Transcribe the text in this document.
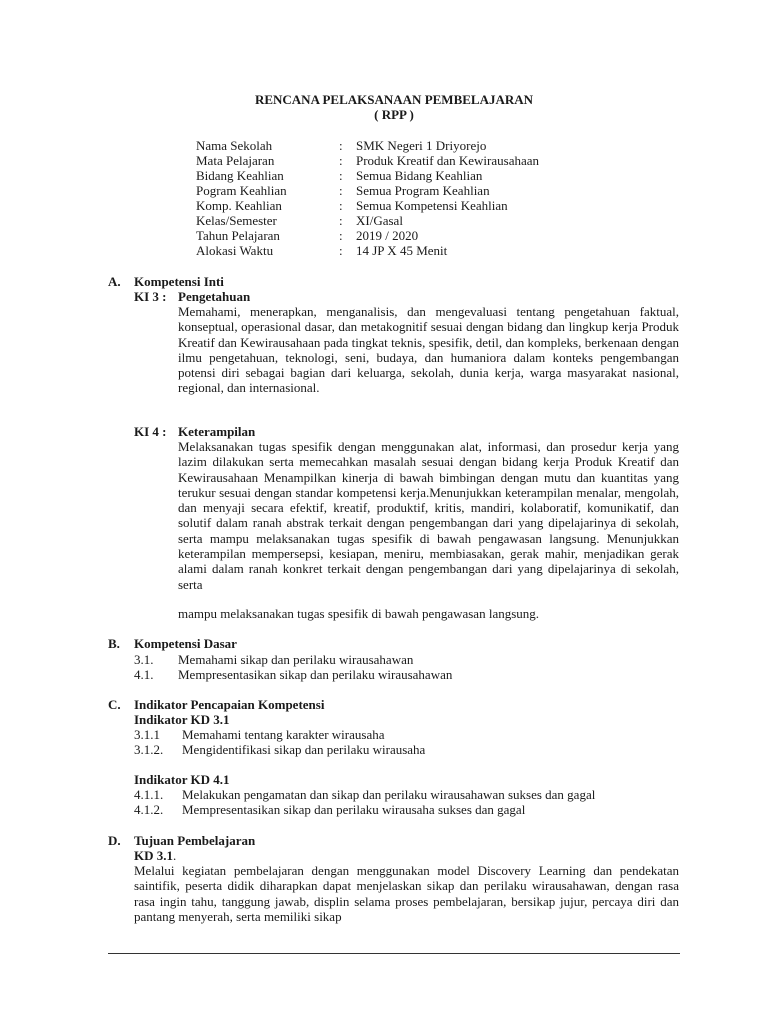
RENCANA PELAKSANAAN PEMBELAJARAN
( RPP )
Nama Sekolah	: SMK Negeri 1 Driyorejo
Mata Pelajaran	: Produk Kreatif dan Kewirausahaan
Bidang Keahlian	: Semua Bidang Keahlian
Pogram Keahlian	: Semua Program Keahlian
Komp. Keahlian	: Semua Kompetensi Keahlian
Kelas/Semester	: XI/Gasal
Tahun Pelajaran	: 2019 / 2020
Alokasi Waktu	: 14 JP X 45 Menit
A. Kompetensi Inti
KI 3 : Pengetahuan
Memahami, menerapkan, menganalisis, dan mengevaluasi tentang pengetahuan faktual, konseptual, operasional dasar, dan metakognitif sesuai dengan bidang dan lingkup kerja Produk Kreatif dan Kewirausahaan pada tingkat teknis, spesifik, detil, dan kompleks, berkenaan dengan ilmu pengetahuan, teknologi, seni, budaya, dan humaniora dalam konteks pengembangan potensi diri sebagai bagian dari keluarga, sekolah, dunia kerja, warga masyarakat nasional, regional, dan internasional.
KI 4 : Keterampilan
Melaksanakan tugas spesifik dengan menggunakan alat, informasi, dan prosedur kerja yang lazim dilakukan serta memecahkan masalah sesuai dengan bidang kerja Produk Kreatif dan Kewirausahaan Menampilkan kinerja di bawah bimbingan dengan mutu dan kuantitas yang terukur sesuai dengan standar kompetensi kerja.Menunjukkan keterampilan menalar, mengolah, dan menyaji secara efektif, kreatif, produktif, kritis, mandiri, kolaboratif, komunikatif, dan solutif dalam ranah abstrak terkait dengan pengembangan dari yang dipelajarinya di sekolah, serta mampu melaksanakan tugas spesifik di bawah pengawasan langsung. Menunjukkan keterampilan mempersepsi, kesiapan, meniru, membiasakan, gerak mahir, menjadikan gerak alami dalam ranah konkret terkait dengan pengembangan dari yang dipelajarinya di sekolah, serta
mampu melaksanakan tugas spesifik di bawah pengawasan langsung.
B. Kompetensi Dasar
3.1. Memahami sikap dan perilaku wirausahawan
4.1. Mempresentasikan sikap dan perilaku wirausahawan
C. Indikator Pencapaian Kompetensi
Indikator KD 3.1
3.1.1 Memahami tentang karakter wirausaha
3.1.2. Mengidentifikasi sikap dan perilaku wirausaha
Indikator KD 4.1
4.1.1. Melakukan pengamatan dan sikap dan perilaku wirausahawan sukses dan gagal
4.1.2. Mempresentasikan sikap dan perilaku wirausaha sukses dan gagal
D. Tujuan Pembelajaran
KD 3.1.
Melalui kegiatan pembelajaran dengan menggunakan model Discovery Learning dan pendekatan saintifik, peserta didik diharapkan dapat menjelaskan sikap dan perilaku wirausahawan, dengan rasa rasa ingin tahu, tanggung jawab, displin selama proses pembelajaran, bersikap jujur, percaya diri dan pantang menyerah, serta memiliki sikap
